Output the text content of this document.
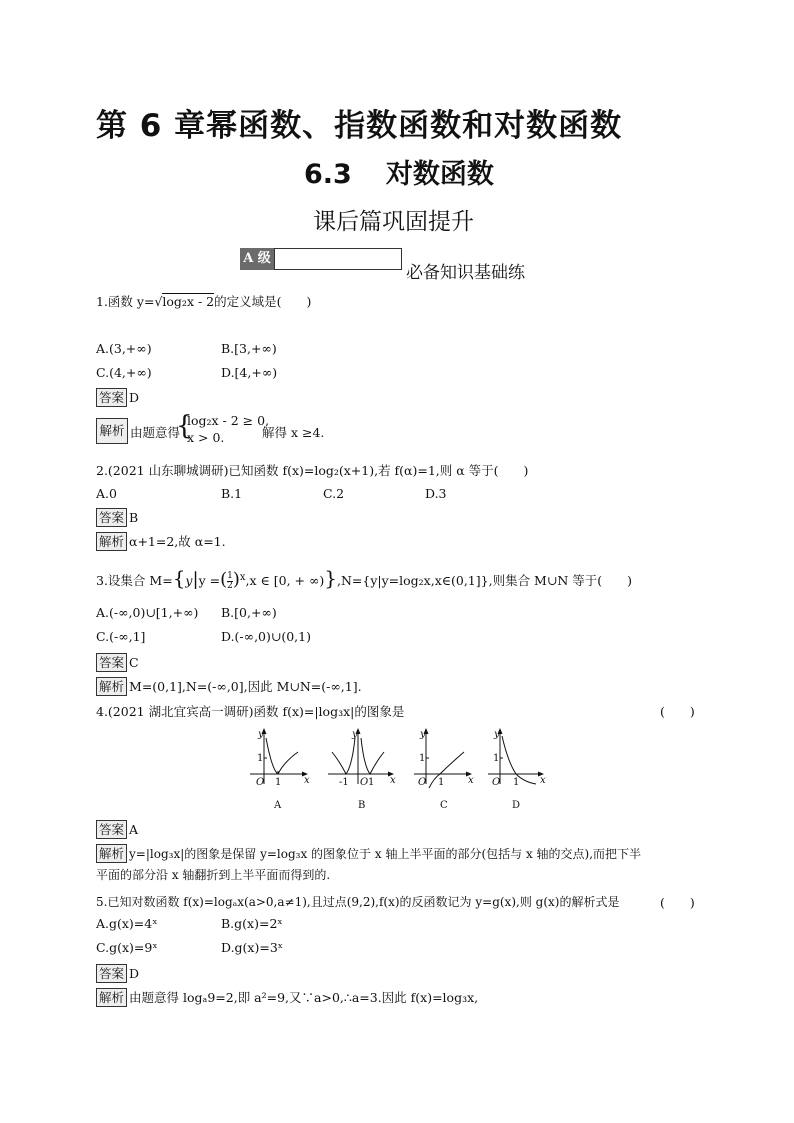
第 6 章幂函数、指数函数和对数函数
6.3 对数函数
课后篇巩固提升
A 级
必备知识基础练
1.函数 y=√log₂x - 2的定义域是(　　)
A.(3,+∞)	B.[3,+∞)
C.(4,+∞)	D.[4,+∞)
答案 D
解析 由题意得
{
log₂x - 2 ≥ 0,
x > 0.	解得 x ≥4.
2.(2021 山东聊城调研)已知函数 f(x)=log₂(x+1),若 f(α)=1,则 α 等于(　　)
A.0	B.1	C.2	D.3
答案 B
解析 α+1=2,故 α=1.
3.设集合 M={y|y =( $\frac{1}{2} )^x,x$ ∈ [0, + ∞)},N={y|y=log₂x,x∈(0,1]},则集合 M∪N 等于(　　)
A.(-∞,0)∪[1,+∞) B.[0,+∞)
C.(-∞,1]	D.(-∞,0)∪(0,1)
答案 C
解析 M=(0,1],N=(-∞,0],因此 M∪N=(-∞,1].
4.(2021 湖北宜宾高一调研)函数 f(x)=|log₃x|的图象是	(　　)
y
x
O 1
1
A
y
x
O
-1 1
B
y
x
O 1
1
C
y
x
O 1
1
D
答案 A
解析 y=|log₃x|的图象是保留 y=log₃x 的图象位于 x 轴上半平面的部分(包括与 x 轴的交点),而把下半
平面的部分沿 x 轴翻折到上半平面而得到的.
5.已知对数函数 f(x)=logₐx(a>0,a≠1),且过点(9,2),f(x)的反函数记为 y=g(x),则 g(x)的解析式是	(　　)
A.g(x)=4ˣ	B.g(x)=2ˣ
C.g(x)=9ˣ	D.g(x)=3ˣ
答案 D
解析 由题意得 logₐ9=2,即 a²=9,又∵a>0,∴a=3.因此 f(x)=log₃x,
